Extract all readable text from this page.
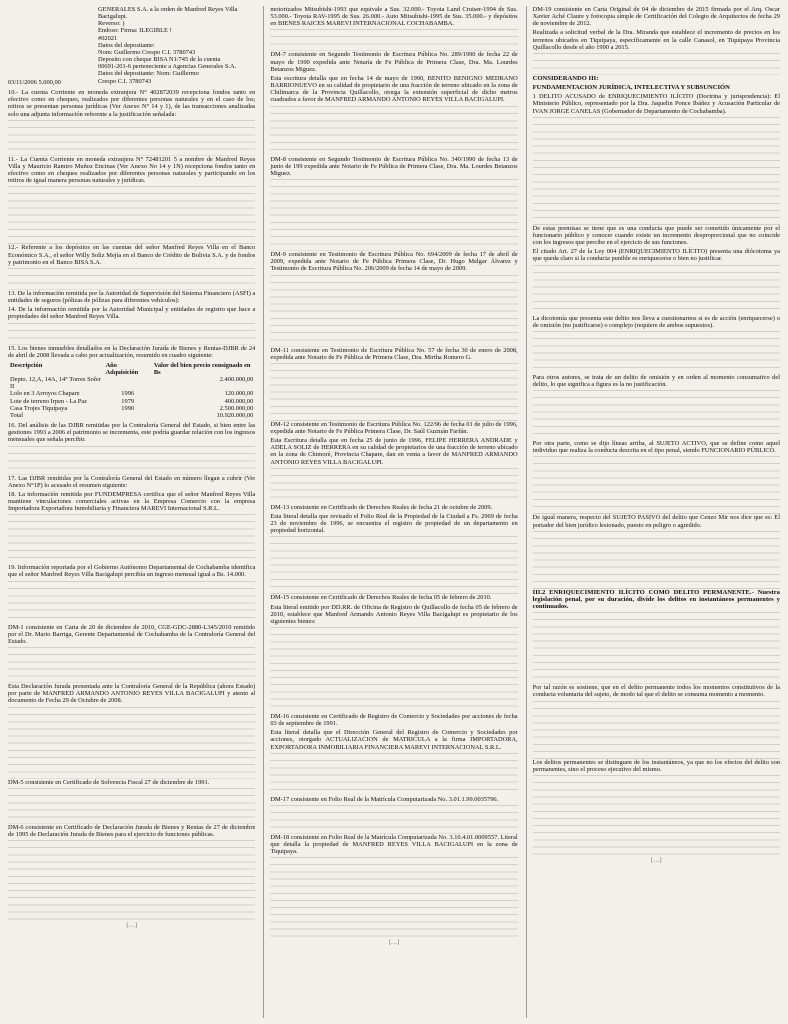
03/11/2006 5.000,00
GENERALES S.A. a la orden de Manfred Reyes Villa
Bacigalupi.
Reverso: )
Endoso: Firma: ILEGIBLE !
#02021
Datos del depositante:
Nom: Guillermo Crespo C.I. 3780743
Deposito con cheque BISA N1/745 de la cuenta
00691-201-6 perteneciente a Agencias Generales S.A.
Datos del depositante: Nom: Guillermo
Crespo C.I. 3780743

10.- La cuenta Corriente en moneda extranjera N° 402872039 recepciona fondos tanto en efectivo como en cheques, realizados por diferentes personas naturales y en el caso de los; retiros se presentan personas jurídicas (Ver Anexo N° 14 y 1), de las transacciones analizadas solo una adjunta información referente a la justificación señalada:

11.- La Cuenta Corriente en moneda extranjera N° 72481201 5 a nombre de Manfred Reyes Villa y Mauricio Ramiro Muñoz Encinas (Ver Anexo No 14 y 1N) recepciona fondos tanto en efectivo como en cheques realizados por diferentes personas naturales y participando en los retiros de igual manera personas naturales y jurídicas.

12.- Referente a los depósitos en las cuentas del señor Manfred Reyes Villa en el Banco Económico S.A., el señor Willy Soliz Mejía en el Banco de Crédito de Bolivia S.A. y de fondos y patrimonio en el Banco BISA S.A.

13. De la información remitida por la Autoridad de Supervisión del Sistema Financiero (ASFI) a entidades de seguros (pólizas de pólizas para diferentes vehículos):

14. De la información remitida por la Autoridad Municipal y entidades de registro que hace a propiedades del señor Manfred Reyes Villa.

15. Los bienes inmuebles detallados en la Declaración Jurada de Bienes y Rentas-DJBR de 24 de abril de 2008 llevada a cabo por actualización, resumido en cuadro siguiente:

Descripción	Año Adquisición	Valor del bien precio consignado en Bs
Depto. 12,A, 14A, 14° Torres Sofer II		2.400.000,00
Lolo en 3 Arroyos Chapare	1996	120.000,00
Lote de terreno Irpen - La Paz	1979	400.000,00
Casa Trojes Tiquipaya	1990	2.500.000,00
Total		10.920.000,00

16. Del análisis de las DJBR remitidas por la Contraloría General del Estado, si bien entre las gestiones 1993 a 2006 el patrimonio se incrementa, este podría guardar relación con los ingresos mensuales que señala percibir.

17. Las DJBR remitidas por la Contraloría General del Estado en número llegan a cubrir (Ver Anexo N°1P) lo acusado el resumen siguiente:

18. La información remitida por FUNDEMPRESA certifica que el señor Manfred Reyes Villa mantiene vinculaciones comerciales activas en la Empresa Comercio con la empresa Importadora Exportadora Inmobiliaria y Financiera MAREVI Internacional S.R.L.

19. Información reportada por el Gobierno Autónomo Departamental de Cochabamba identifica que el señor Manfred Reyes Villa Bacigalupi percibía un ingreso mensual igual a Bs. 14.000.

DM-1 consistente en Carta de 20 de diciembre de 2010, CGE-GDC-2880-L345/2010 remitido por el Dr. Mario Barriga, Gerente Departamental de Cochabamba de la Contraloría General del Estado.

Esta Declaración Jurada presentada ante la Contraloría General de la República (ahora Estado) por parte de MANFRED ARMANDO ANTONIO REYES VILLA BACIGALUPI y atento al documento de Fecha 29 de Octubre de 2008.

DM-5 consistente en Certificado de Solvencia Fiscal 27 de diciembre de 1991.

DM-6 consistente en Certificado de Declaración Jurada de Bienes y Rentas de 27 de diciembre de 1995 de Declaración Jurada de Bienes para el ejercicio de funciones públicas.

[…]

motorizados Mitsubishi-1993 que equivale a Sus. 32.000.- Toyota Land Cruiser-1994 de Sus. 53.000.- Toyota RAV-1995 de Sus. 26.000.- Auto Mitsubishi-1995 de Sus. 35.000.- y depósitos en BIENES RAICES MAREVI INTERNACIONAL COCHABAMBA.

DM-7 consistente en Segundo Testimonio de Escritura Pública No. 289/1990 de fecha 22 de mayo de 1990 expedida ante Notaría de Fe Pública de Primera Clase, Dra. Ma. Lourdes Betanzos Miguez.

Esta escritura detalla que en fecha 14 de mayo de 1990, BENITO BENIGNO MEDRANO BARRIONUEVO en su calidad de propietario de una fracción de terreno ubicado en la zona de Chilimarca de la Provincia Quillacollo, otorga la extensión superficial de dicho metros cuadrados a favor de MANFRED ARMANDO ANTONIO REYES VILLA BACIGALUPI.

DM-8 consistente en Segundo Testimonio de Escritura Pública No. 340/1990 de fecha 13 de junio de 199 expedida ante Notario de Fe Pública de Primera Clase, Dra. Ma. Lourdes Betanzos Miguez.

DM-9 consistente en Testimonio de Escritura Pública No. 694/2009 de fecha 17 de abril de 2009, expedida ante Notario de Fe Pública Primera Clase, Dr. Hugo Melgar Álvarez y Testimonio de Escritura Pública No. 206/2009 de fecha 14 de mayo de 2009.

DM-11 consistente en Testimonio de Escritura Pública No. 57 de fecha 30 de enero de 2008, expedida ante Notario de Fe Pública de Primera Clase, Dra. Mirtha Romero G.

DM-12 consistente en Testimonio de Escritura Pública No. 122/96 de fecha 01 de julio de 1996, expedida ante Notario de Fe Pública Primera Clase, Dr. Saúl Guzmán Farfán.

Esta Escritura detalla que en fecha 25 de junio de 1996, FELIPE HERRERA ANDRADE y ADELA SOLIZ de HERRERA en su calidad de propietarios de una fracción de terreno ubicado en la zona de Chimoré, Provincia Chapare, dan en venta a favor de MANFRED ARMANDO ANTONIO REYES VILLA BACIGALUPI.

DM-13 consistente en Certificado de Derechos Reales de fecha 21 de octubre de 2009.

Esta literal detalla que revisado el Folio Real de la Propiedad de la Ciudad a Fs. 2969 de fecha 23 de noviembre de 1996, se encuentra el registro de propiedad de un departamento en propiedad horizontal.

DM-15 consistente en Certificado de Derechos Reales de fecha 05 de febrero de 2010.

Esta literal emitido por DD.RR. de Oficina de Registro de Quillacollo de fecha 05 de febrero de 2010, establece que Manfred Armando Antonio Reyes Villa Bacigalupi es propietario de los siguientes bienes:

DM-16 consistente en Certificado de Registro de Comercio y Sociedades por acciones de fecha 03 de septiembre de 1991.

Esta literal detalla que el Dirección General del Registro de Comercio y Sociedades por acciones, otorgado ACTUALIZACION de MATRICULA a la firma IMPORTADORA, EXPORTADORA INMOBILIARIA FINANCIERA MAREVI INTERNACIONAL S.R.L.

DM-17 consistente en Folio Real de la Matrícula Computarizada No. 3.01.1.99.0035796.

DM-18 consistente en Folio Real de la Matrícula Computarizada No. 3.10.4.01.0009557. Literal que detalla la propiedad de MANFRED REYES VILLA BACIGALUPI en la zona de Tiquipaya.

[…]

DM-19 consistente en Carta Original de 04 de diciembre de 2015 firmada por el Arq. Oscar Xavier Aché Claure y fotocopia simple de Certificación del Colegio de Arquitectos de fecha 29 de noviembre de 2012.

Realizada a solicitud verbal de la Dra. Miranda que establece el incremento de precios en los terrenos ubicados en Tiquipaya, específicamente en la calle Canasol, en Tiquipaya Provincia Quillacollo desde el año 1990 a 2015.

CONSIDERANDO III:

FUNDAMENTACION JURÍDICA, INTELECTIVA Y SUBSUNCIÓN

1 DELITO ACUSADO de ENRIQUECIMIENTO ILÍCITO (Doctrina y jurisprudencia): El Ministerio Público, representado por la Dra. Jaquelin Ponce Ibáñez y Acusación Particular de IVAN JORGE CANELAS (Gobernador de Departamento de Cochabamba).

De estas premisas se tiene que es una conducta que puede ser cometido únicamente por el funcionario público y conocer cuando existe un incremento desproporcional que no coincide con los ingresos que percibe en el ejercicio de sus funciones.

El citado Art. 27 de la Ley 004 (ENRIQUECIMIENTO ILÍCITO) presenta una diócotoma ya que queda claro si la conducta punible es enriquecerse o bien no justificar.

La dicotomía que presenta este delito nos lleva a cuestionarnos si es de acción (enriquecerse) o de omisión (no justificarse) o complejo (requiere de ambos supuestos).

Para otros autores, se trata de un delito de omisión y en orden al momento consumativo del delito, lo que significa a figura es la no justificación.

Por otra parte, como se dijo líneas arriba, al SUJETO ACTIVO, que se define como aquel individuo que realiza la conducta descrita en el tipo penal, siendo FUNCIONARIO PÚBLICO.

De igual manera, respecto del SUJETO PASIVO del delito que Cenzo Mir nos dice que es: El portador del bien jurídico lesionado, puesto en peligro o agredido.

III.2 ENRIQUECIMIENTO ILÍCITO COMO DELITO PERMANENTE.- Nuestra legislación penal, por su duración, divide los delitos en instantáneos permanentes y continuados.

Por tal razón es sostiene, que en el delito permanente todos los momentos constitutivos de la conducta voluntaria del sujeto, de modo tal que el delito se consuma momento a momento.

Los delitos permanentes se distinguen de los instantáneos, ya que no los efectos del delito son permanentes, sino el proceso ejecutivo del mismo.

[…]
